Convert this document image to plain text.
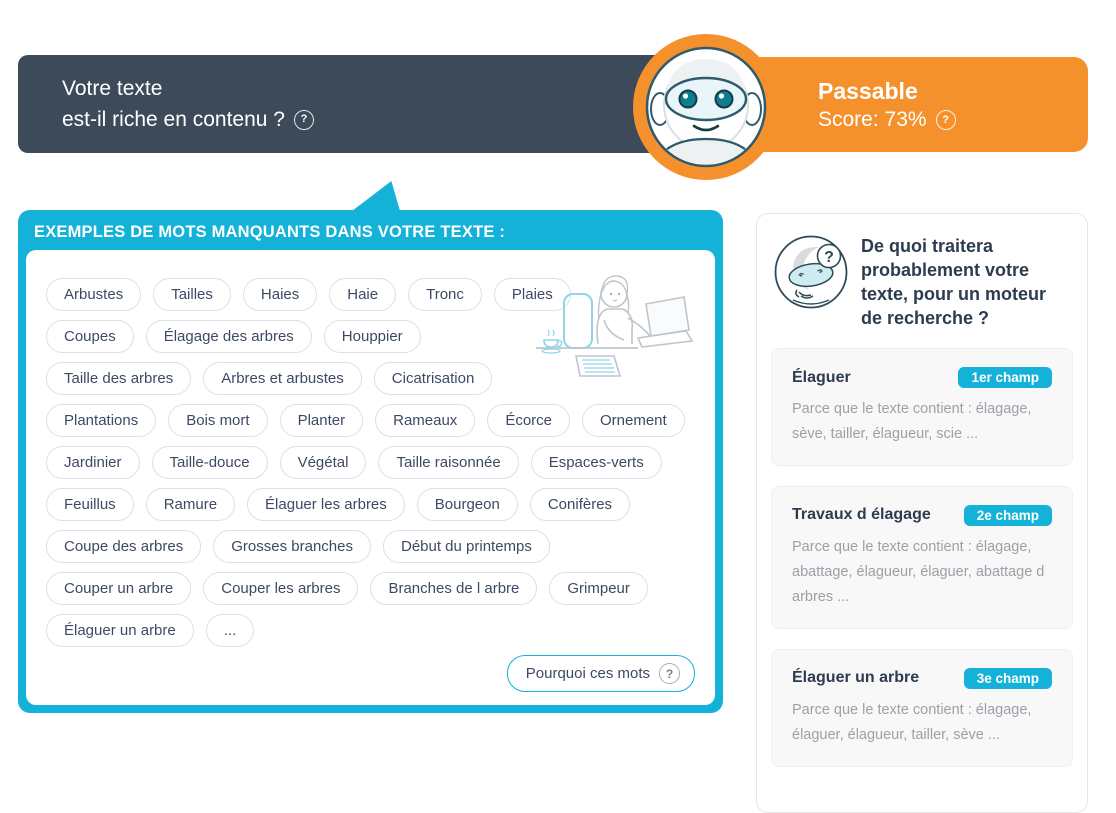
Votre texte
est-il riche en contenu ?	?
Passable
Score: 73%	?
EXEMPLES DE MOTS MANQUANTS DANS VOTRE TEXTE :
Arbustes	Tailles	Haies	Haie	Tronc	Plaies
Coupes	Élagage des arbres	Houppier
Taille des arbres	Arbres et arbustes	Cicatrisation
Plantations	Bois mort	Planter	Rameaux	Écorce	Ornement
Jardinier	Taille-douce	Végétal	Taille raisonnée	Espaces-verts
Feuillus	Ramure	Élaguer les arbres	Bourgeon	Conifères
Coupe des arbres	Grosses branches	Début du printemps
Couper un arbre	Couper les arbres	Branches de l arbre	Grimpeur
Élaguer un arbre	...
Pourquoi ces mots	?
?
De quoi traitera probablement votre texte, pour un moteur de recherche ?
Élaguer	1er champ
Parce que le texte contient : élagage, sève, tailler, élagueur, scie ...
Travaux d élagage	2e champ
Parce que le texte contient : élagage, abattage, élagueur, élaguer, abattage d arbres ...
Élaguer un arbre	3e champ
Parce que le texte contient : élagage, élaguer, élagueur, tailler, sève ...
